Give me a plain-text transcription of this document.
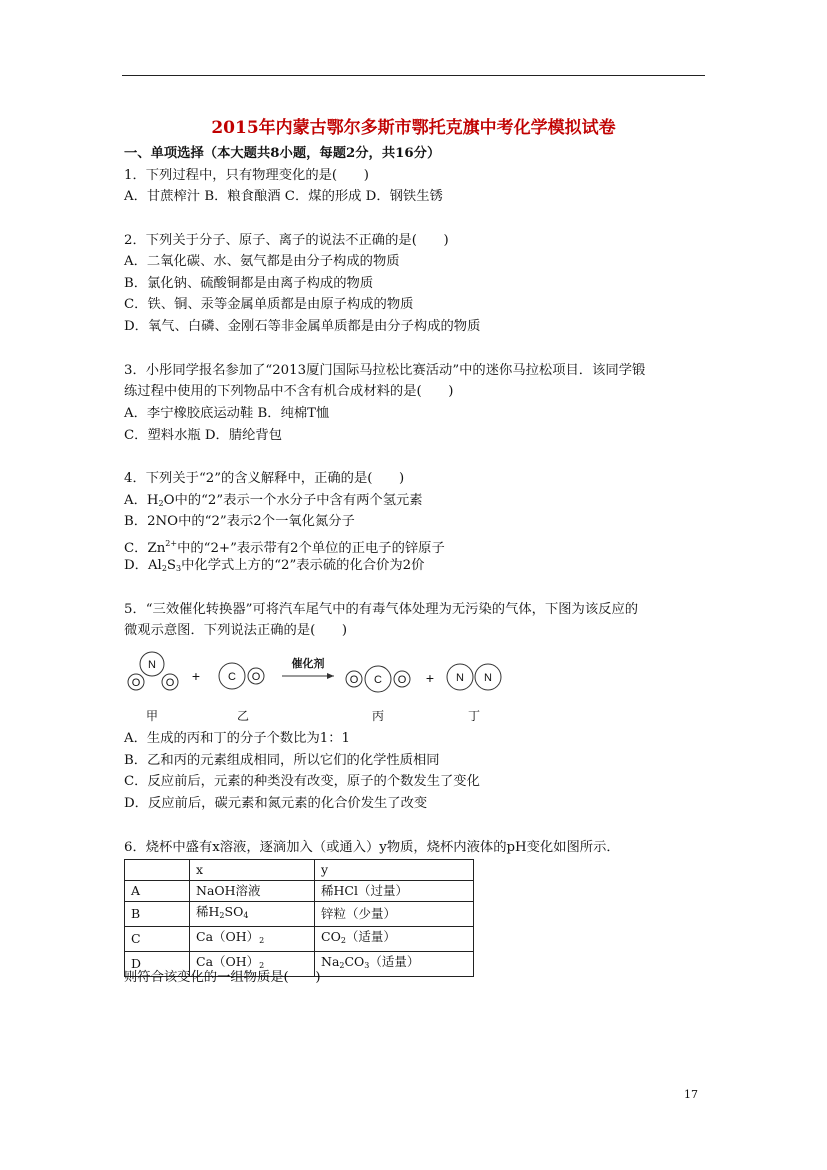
2015年内蒙古鄂尔多斯市鄂托克旗中考化学模拟试卷
一、单项选择（本大题共8小题，每题2分，共16分）
1．下列过程中，只有物理变化的是(　　)
A．甘蔗榨汁 B．粮食酿酒 C．煤的形成 D．钢铁生锈
2．下列关于分子、原子、离子的说法不正确的是(　　)
A．二氧化碳、水、氨气都是由分子构成的物质
B．氯化钠、硫酸铜都是由离子构成的物质
C．铁、铜、汞等金属单质都是由原子构成的物质
D．氧气、白磷、金刚石等非金属单质都是由分子构成的物质
3．小彤同学报名参加了“2013厦门国际马拉松比赛活动”中的迷你马拉松项目．该同学锻
练过程中使用的下列物品中不含有机合成材料的是(　　)
A．李宁橡胶底运动鞋 B．纯棉T恤
C．塑料水瓶 D．腈纶背包
4．下列关于“2”的含义解释中，正确的是(　　)
A．$H_2O$中的“2”表示一个水分子中含有两个氢元素
B．2NO中的“2”表示2个一氧化氮分子
C．$Zn^{2+}$中的“2+”表示带有2个单位的正电子的锌原子
D．$Al_2S_3$中化学式上方的“2”表示硫的化合价为2价
5．“三效催化转换器”可将汽车尾气中的有毒气体处理为无污染的气体，下图为该反应的
微观示意图．下列说法正确的是(　　)
N
O O	C O	O C O	N N
+	+
催化剂
甲	乙	丙	丁
A．生成的丙和丁的分子个数比为1：1
B．乙和丙的元素组成相同，所以它们的化学性质相同
C．反应前后，元素的种类没有改变，原子的个数发生了变化
D．反应前后，碳元素和氮元素的化合价发生了改变
6．烧杯中盛有x溶液，逐滴加入（或通入）y物质，烧杯内液体的pH变化如图所示．
	x	y
A	NaOH溶液	稀HCl（过量）
B	稀$H_2SO_4$	锌粒（少量）
C	$Ca(OH)_2$	$CO_2$（适量）
D	$Ca(OH)_2$	$Na_2CO_3$（适量）
则符合该变化的一组物质是(　　)
17
